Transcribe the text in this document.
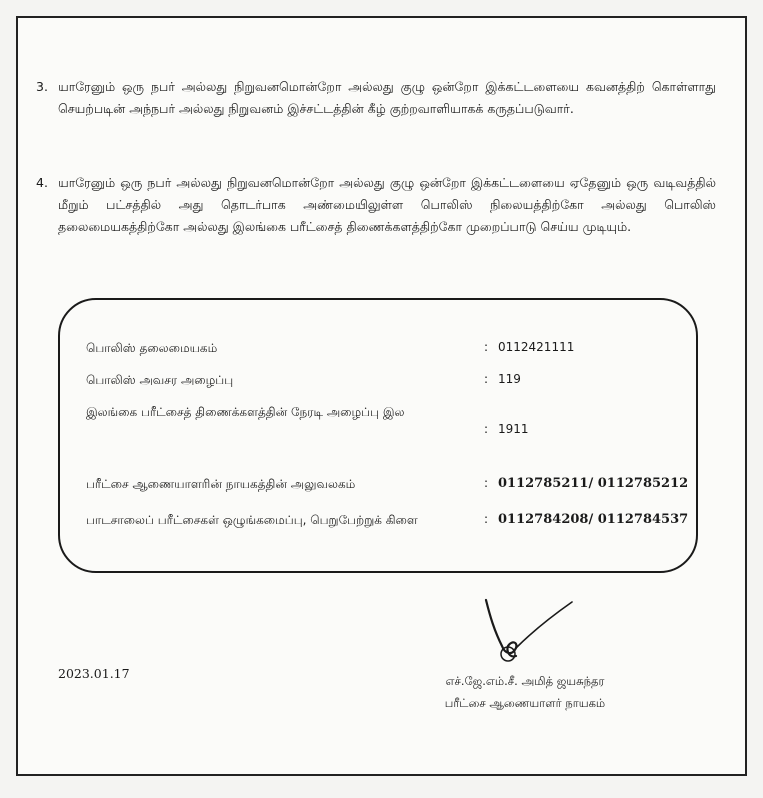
3. யாரேனும் ஒரு நபர் அல்லது நிறுவனமொன்றோ அல்லது குழு ஒன்றோ இக்கட்டளையை கவனத்திற் கொள்ளாது செயற்படின் அந்நபர் அல்லது நிறுவனம் இச்சட்டத்தின் கீழ் குற்றவாளியாகக் கருதப்படுவார்.
4. யாரேனும் ஒரு நபர் அல்லது நிறுவனமொன்றோ அல்லது குழு ஒன்றோ இக்கட்டளையை ஏதேனும் ஒரு வடிவத்தில் மீறும் பட்சத்தில் அது தொடர்பாக அண்மையிலுள்ள பொலிஸ் நிலையத்திற்கோ அல்லது பொலிஸ் தலைமையகத்திற்கோ அல்லது இலங்கை பரீட்சைத் திணைக்களத்திற்கோ முறைப்பாடு செய்ய முடியும்.
பொலிஸ் தலைமையகம்	: 0112421111
பொலிஸ் அவசர அழைப்பு	: 119
இலங்கை பரீட்சைத் திணைக்களத்தின் நேரடி அழைப்பு இல
: 1911
பரீட்சை ஆணையாளரின் நாயகத்தின் அலுவலகம்	: 0112785211/ 0112785212
பாடசாலைப் பரீட்சைகள் ஒழுங்கமைப்பு, பெறுபேற்றுக் கிளை	: 0112784208/ 0112784537
2023.01.17	எச்.ஜே.எம்.சீ. அமித் ஜயசுந்தர
பரீட்சை ஆணையாளர் நாயகம்
